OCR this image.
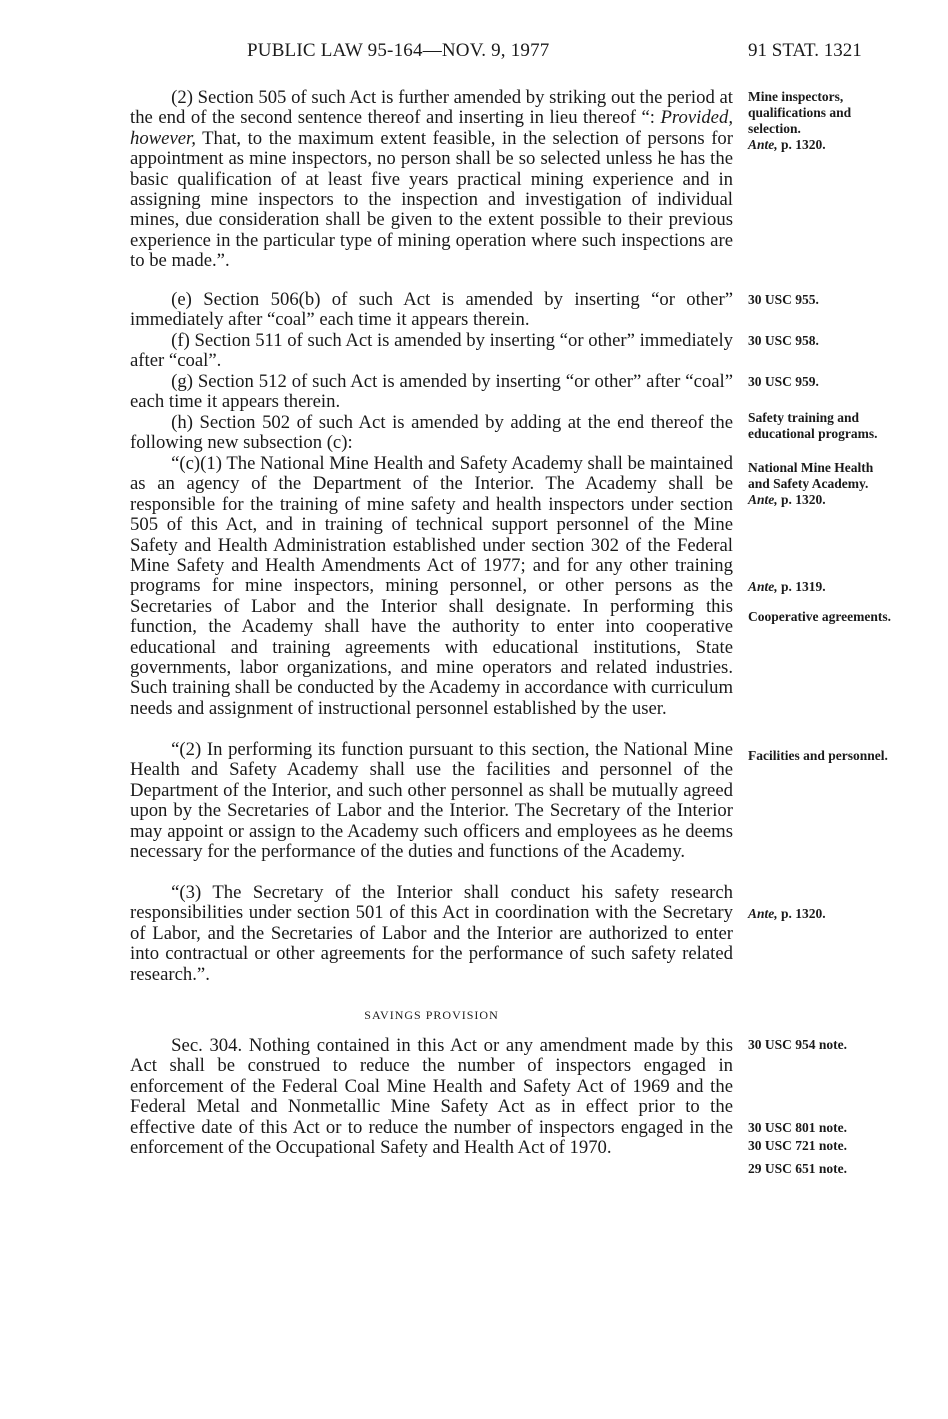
PUBLIC LAW 95-164—NOV. 9, 1977	91 STAT. 1321

(2) Section 505 of such Act is further amended by striking out the period at the end of the second sentence thereof and inserting in lieu thereof “: Provided, however, That, to the maximum extent feasible, in the selection of persons for appointment as mine inspectors, no person shall be so selected unless he has the basic qualification of at least five years practical mining experience and in assigning mine inspectors to the inspection and investigation of individual mines, due consideration shall be given to the extent possible to their previous experience in the particular type of mining operation where such inspections are to be made.”.

(e) Section 506(b) of such Act is amended by inserting “or other” immediately after “coal” each time it appears therein.

(f) Section 511 of such Act is amended by inserting “or other” immediately after “coal”.

(g) Section 512 of such Act is amended by inserting “or other” after “coal” each time it appears therein.

(h) Section 502 of such Act is amended by adding at the end thereof the following new subsection (c):

“(c)(1) The National Mine Health and Safety Academy shall be maintained as an agency of the Department of the Interior. The Academy shall be responsible for the training of mine safety and health inspectors under section 505 of this Act, and in training of technical support personnel of the Mine Safety and Health Administration established under section 302 of the Federal Mine Safety and Health Amendments Act of 1977; and for any other training programs for mine inspectors, mining personnel, or other persons as the Secretaries of Labor and the Interior shall designate. In performing this function, the Academy shall have the authority to enter into cooperative educational and training agreements with educational institutions, State governments, labor organizations, and mine operators and related industries. Such training shall be conducted by the Academy in accordance with curriculum needs and assignment of instructional personnel established by the user.

“(2) In performing its function pursuant to this section, the National Mine Health and Safety Academy shall use the facilities and personnel of the Department of the Interior, and such other personnel as shall be mutually agreed upon by the Secretaries of Labor and the Interior. The Secretary of the Interior may appoint or assign to the Academy such officers and employees as he deems necessary for the performance of the duties and functions of the Academy.

“(3) The Secretary of the Interior shall conduct his safety research responsibilities under section 501 of this Act in coordination with the Secretary of Labor, and the Secretaries of Labor and the Interior are authorized to enter into contractual or other agreements for the performance of such safety related research.”.

SAVINGS PROVISION

Sec. 304. Nothing contained in this Act or any amendment made by this Act shall be construed to reduce the number of inspectors engaged in enforcement of the Federal Coal Mine Health and Safety Act of 1969 and the Federal Metal and Nonmetallic Mine Safety Act as in effect prior to the effective date of this Act or to reduce the number of inspectors engaged in the enforcement of the Occupational Safety and Health Act of 1970.

Mine inspectors, qualifications and selection.
Ante, p. 1320.
30 USC 955.
30 USC 958.
30 USC 959.
Safety training and educational programs.
National Mine Health and Safety Academy.
Ante, p. 1320.
Ante, p. 1319.
Cooperative agreements.
Facilities and personnel.
Ante, p. 1320.
30 USC 954 note.
30 USC 801 note.
30 USC 721 note.
29 USC 651 note.
